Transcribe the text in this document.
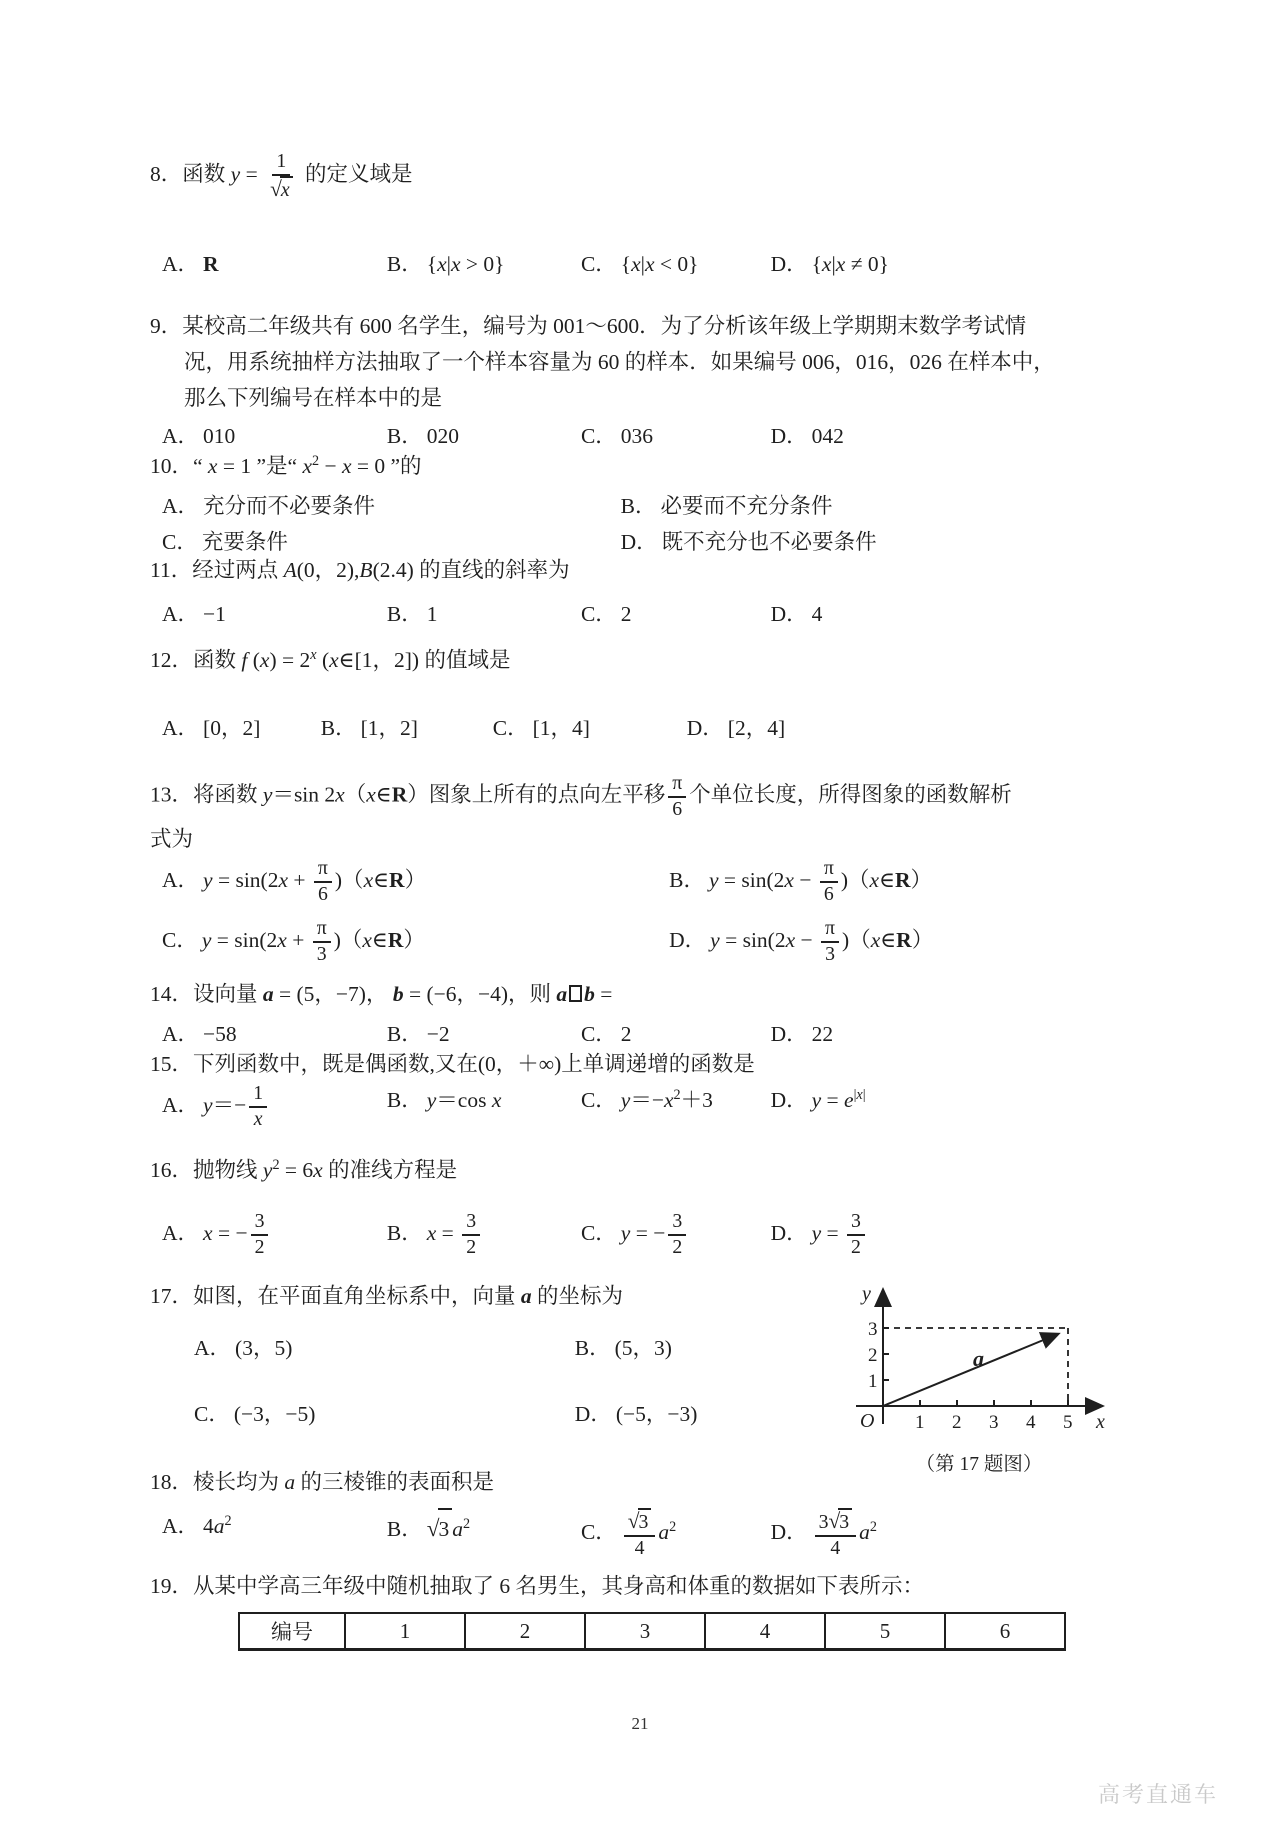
8．函数 $y = \frac{1}{√x}$ 的定义域是

A． R	B． {x|x > 0}	C． {x|x < 0}	D． {x|x ≠ 0}

9．某校高二年级共有 600 名学生，编号为 001～600．为了分析该年级上学期期末数学考试情况，用系统抽样方法抽取了一个样本容量为 60 的样本．如果编号 006，016，026 在样本中，那么下列编号在样本中的是

A． 010	B． 020	C． 036	D． 042

10．“ x = 1 ”是“ $x^2 - x = 0$ ”的

A． 充分而不必要条件	B． 必要而不充分条件
C． 充要条件	D． 既不充分也不必要条件

11．经过两点 A(0，2),B(2.4) 的直线的斜率为

A． −1	B． 1	C． 2	D． 4

12．函数 f $(x) = 2^x$ (x∈[1，2]) 的值域是

A． [0，2]	B． [1，2]	C． [1，4]	D． [2，4]

13．将函数 y＝sin 2x（x∈R）图象上所有的点向左平移 $\frac{\pi}{6}$ 个单位长度，所得图象的函数解析式为

A． $y = \sin(2x + \frac{\pi}{6}$ )（x∈R）	B． $y = \sin(2x - \frac{\pi}{6}$ )（x∈R）
C． $y = \sin(2x + \frac{\pi}{3}$ )（x∈R）	D． $y = \sin(2x - \frac{\pi}{3}$ )（x∈R）

14．设向量 a = (5，−7)， b = (−6，−4)，则 a b =

A． −58	B． −2	C． 2	D． 22

15．下列函数中，既是偶函数,又在(0，＋∞)上单调递增的函数是

A． $y=- \frac{1}{x}$	B． y＝cos x	C． $y=-x^2+3$	D． $y = e^{|x|}$

16．抛物线 $y^2 = 6x$ 的准线方程是

A． x = − $\frac{3}{2}$	B． $x = \frac{3}{2}$	C． y = − $\frac{3}{2}$	D． $y = \frac{3}{2}$

17．如图，在平面直角坐标系中，向量 a 的坐标为

A． (3，5)	B． (5，3)
C． (−3，−5)	D． (−5，−3)
y
x
O
a
1 2 3 4 5
1
2
3
（第 17 题图）

18．棱长均为 a 的三棱锥的表面积是

A． $4a^2$	B． √3 $a^2$	C． $\frac{√3}{4} a^2$	D． $\frac{3√3}{4} a^2$

19．从某中学高三年级中随机抽取了 6 名男生，其身高和体重的数据如下表所示：

编号	1	2	3	4	5	6
21
高考直通车
